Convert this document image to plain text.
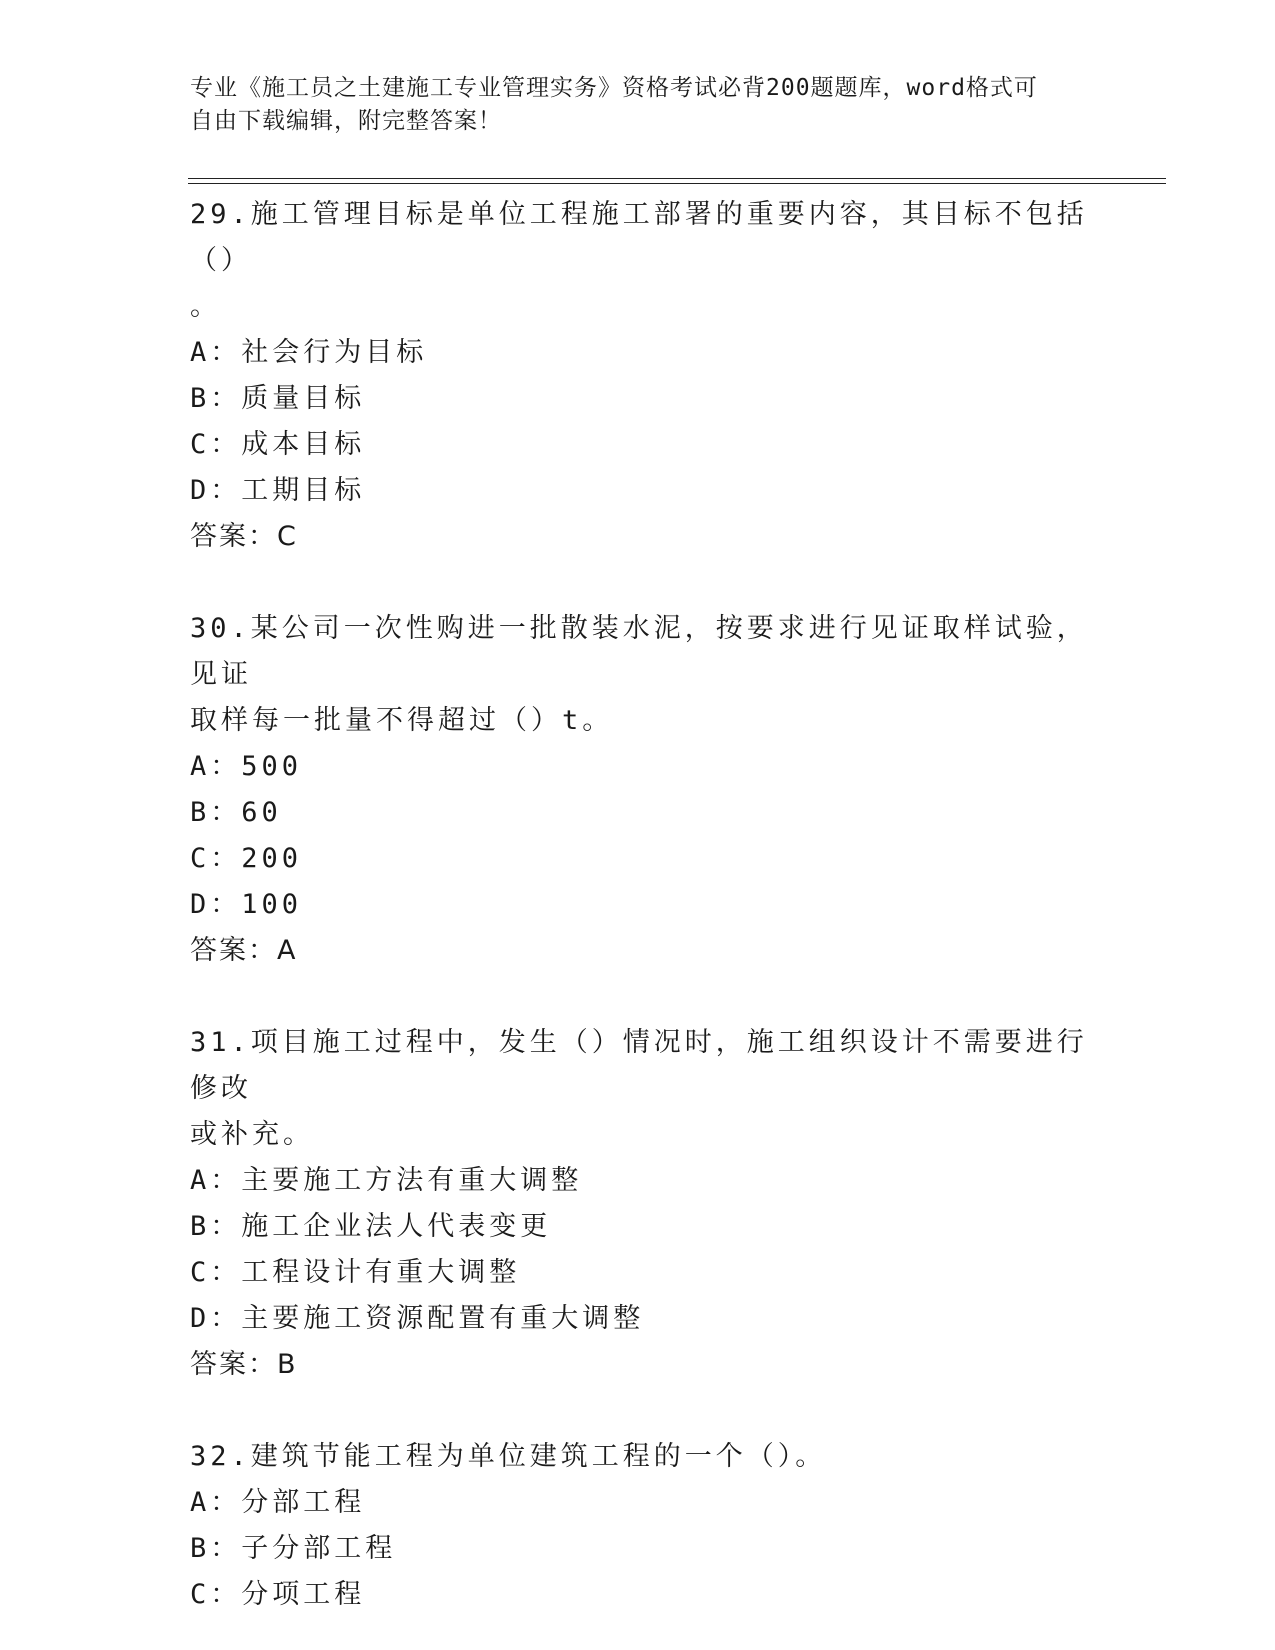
专业《施工员之土建施工专业管理实务》资格考试必背200题题库，word格式可
自由下载编辑，附完整答案！
29.施工管理目标是单位工程施工部署的重要内容，其目标不包括（）
。
A：社会行为目标
B：质量目标
C：成本目标
D：工期目标
答案：C
30.某公司一次性购进一批散装水泥，按要求进行见证取样试验，见证
取样每一批量不得超过（）t。
A：500
B：60
C：200
D：100
答案：A
31.项目施工过程中，发生（）情况时，施工组织设计不需要进行修改
或补充。
A：主要施工方法有重大调整
B：施工企业法人代表变更
C：工程设计有重大调整
D：主要施工资源配置有重大调整
答案：B
32.建筑节能工程为单位建筑工程的一个（）。
A：分部工程
B：子分部工程
C：分项工程
